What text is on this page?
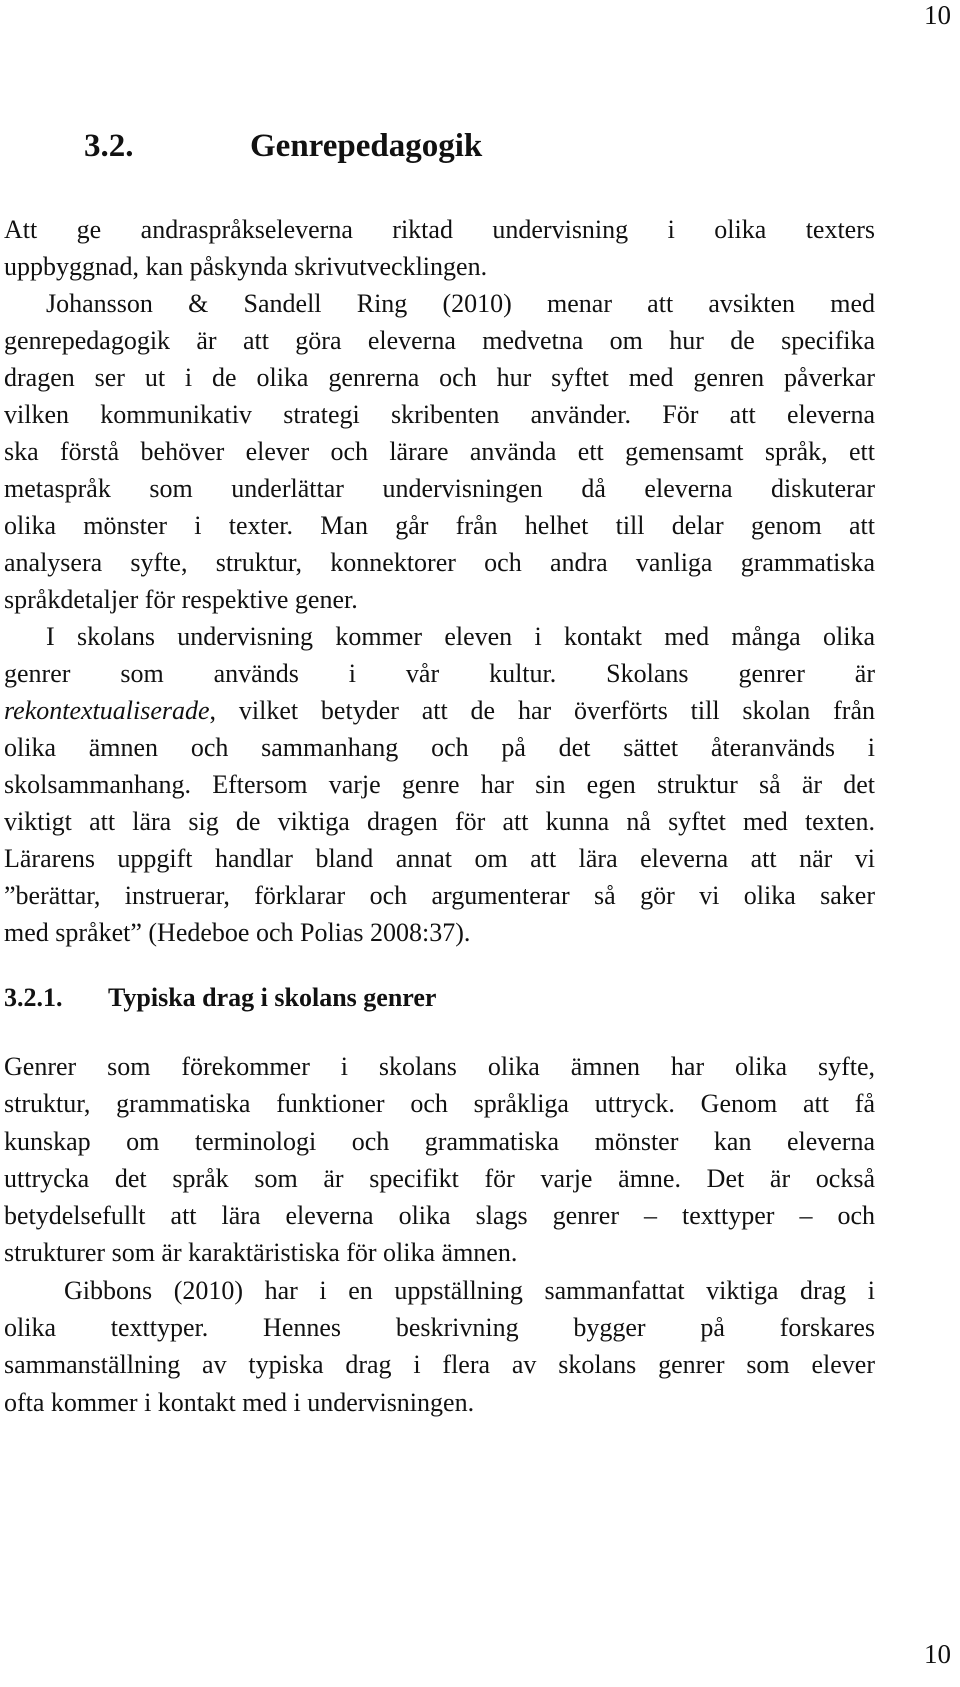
10
3.2.	Genrepedagogik
Att ge andraspråkseleverna riktad undervisning i olika texters
uppbyggnad, kan påskynda skrivutvecklingen.
Johansson & Sandell Ring (2010) menar att avsikten med
genrepedagogik är att göra eleverna medvetna om hur de specifika
dragen ser ut i de olika genrerna och hur syftet med genren påverkar
vilken kommunikativ strategi skribenten använder. För att eleverna
ska förstå behöver elever och lärare använda ett gemensamt språk, ett
metaspråk som underlättar undervisningen då eleverna diskuterar
olika mönster i texter. Man går från helhet till delar genom att
analysera syfte, struktur, konnektorer och andra vanliga grammatiska
språkdetaljer för respektive gener.
I skolans undervisning kommer eleven i kontakt med många olika
genrer som används i vår kultur. Skolans genrer är
rekontextualiserade, vilket betyder att de har överförts till skolan från
olika ämnen och sammanhang och på det sättet återanvänds i
skolsammanhang. Eftersom varje genre har sin egen struktur så är det
viktigt att lära sig de viktiga dragen för att kunna nå syftet med texten.
Lärarens uppgift handlar bland annat om att lära eleverna att när vi
”berättar, instruerar, förklarar och argumenterar så gör vi olika saker
med språket” (Hedeboe och Polias 2008:37).
3.2.1. Typiska drag i skolans genrer
Genrer som förekommer i skolans olika ämnen har olika syfte,
struktur, grammatiska funktioner och språkliga uttryck. Genom att få
kunskap om terminologi och grammatiska mönster kan eleverna
uttrycka det språk som är specifikt för varje ämne. Det är också
betydelsefullt att lära eleverna olika slags genrer – texttyper – och
strukturer som är karaktäristiska för olika ämnen.
Gibbons (2010) har i en uppställning sammanfattat viktiga drag i
olika texttyper. Hennes beskrivning bygger på forskares
sammanställning av typiska drag i flera av skolans genrer som elever
ofta kommer i kontakt med i undervisningen.
10
